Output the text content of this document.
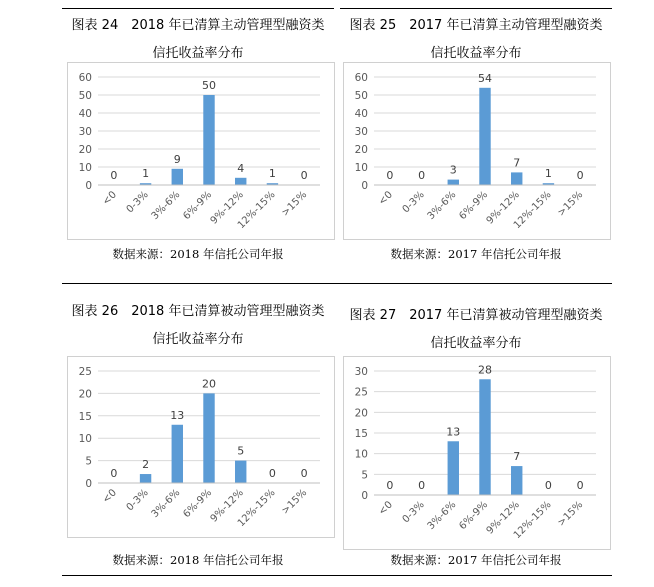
图表 24　2018 年已清算主动管理型融资类
信托收益率分布
0
10
20
30
40
50
60
0
<0
1
0-3%
9
3%-6%
50
6%-9%
4
9%-12%
1
12%-15%
0
>15%
数据来源：2018 年信托公司年报
图表 25　2017 年已清算主动管理型融资类
信托收益率分布
0
10
20
30
40
50
60
0
<0
0
0-3%
3
3%-6%
54
6%-9%
7
9%-12%
1
12%-15%
0
>15%
数据来源：2017 年信托公司年报
图表 26　2018 年已清算被动管理型融资类
信托收益率分布
0
5
10
15
20
25
0
<0
2
0-3%
13
3%-6%
20
6%-9%
5
9%-12%
0
12%-15%
0
>15%
数据来源：2018 年信托公司年报
图表 27　2017 年已清算被动管理型融资类
信托收益率分布
0
5
10
15
20
25
30
0
<0
0
0-3%
13
3%-6%
28
6%-9%
7
9%-12%
0
12%-15%
0
>15%
数据来源：2017 年信托公司年报
